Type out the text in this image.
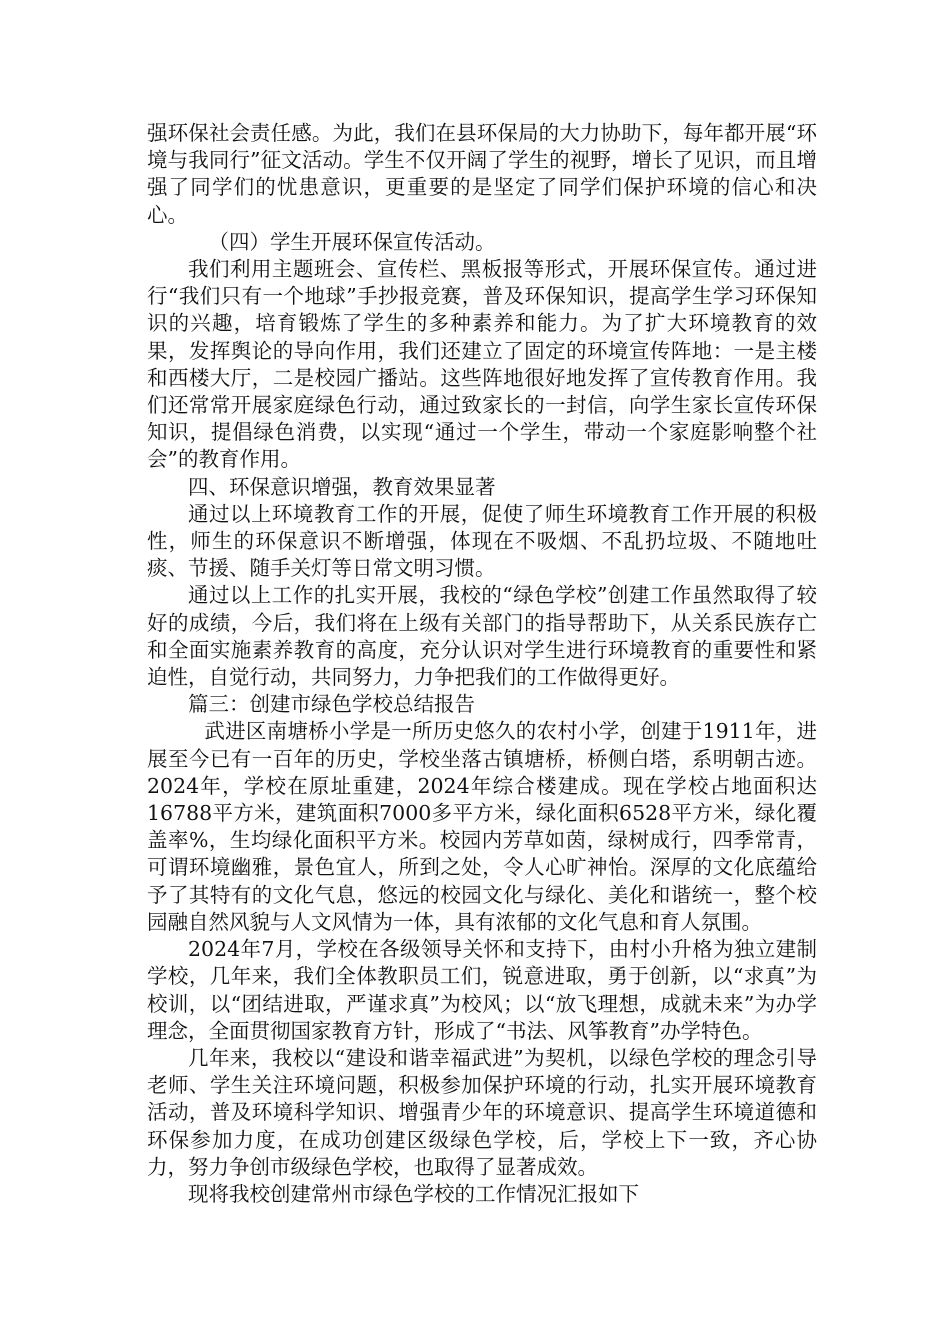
强环保社会责任感。为此，我们在县环保局的大力协助下，每年都开展“环境与我同行”征文活动。学生不仅开阔了学生的视野，增长了见识，而且增强了同学们的忧患意识，更重要的是坚定了同学们保护环境的信心和决心。

（四）学生开展环保宣传活动。

我们利用主题班会、宣传栏、黑板报等形式，开展环保宣传。通过进行“我们只有一个地球”手抄报竞赛，普及环保知识，提高学生学习环保知识的兴趣，培育锻炼了学生的多种素养和能力。为了扩大环境教育的效果，发挥舆论的导向作用，我们还建立了固定的环境宣传阵地：一是主楼和西楼大厅，二是校园广播站。这些阵地很好地发挥了宣传教育作用。我们还常常开展家庭绿色行动，通过致家长的一封信，向学生家长宣传环保知识，提倡绿色消费，以实现“通过一个学生，带动一个家庭影响整个社会”的教育作用。

四、环保意识增强，教育效果显著

通过以上环境教育工作的开展，促使了师生环境教育工作开展的积极性，师生的环保意识不断增强，体现在不吸烟、不乱扔垃圾、不随地吐痰、节援、随手关灯等日常文明习惯。

通过以上工作的扎实开展，我校的“绿色学校”创建工作虽然取得了较好的成绩，今后，我们将在上级有关部门的指导帮助下，从关系民族存亡和全面实施素养教育的高度，充分认识对学生进行环境教育的重要性和紧迫性，自觉行动，共同努力，力争把我们的工作做得更好。

篇三：创建市绿色学校总结报告

武进区南塘桥小学是一所历史悠久的农村小学，创建于1911年，进展至今已有一百年的历史，学校坐落古镇塘桥，桥侧白塔，系明朝古迹。2024年，学校在原址重建，2024年综合楼建成。现在学校占地面积达16788平方米，建筑面积7000多平方米，绿化面积6528平方米，绿化覆盖率%，生均绿化面积平方米。校园内芳草如茵，绿树成行，四季常青，可谓环境幽雅，景色宜人，所到之处，令人心旷神怡。深厚的文化底蕴给予了其特有的文化气息，悠远的校园文化与绿化、美化和谐统一，整个校园融自然风貌与人文风情为一体，具有浓郁的文化气息和育人氛围。

2024年7月，学校在各级领导关怀和支持下，由村小升格为独立建制学校，几年来，我们全体教职员工们，锐意进取，勇于创新，以“求真”为校训，以“团结进取，严谨求真”为校风；以“放飞理想，成就未来”为办学理念，全面贯彻国家教育方针，形成了“书法、风筝教育”办学特色。

几年来，我校以“建设和谐幸福武进”为契机，以绿色学校的理念引导老师、学生关注环境问题，积极参加保护环境的行动，扎实开展环境教育活动，普及环境科学知识、增强青少年的环境意识、提高学生环境道德和环保参加力度，在成功创建区级绿色学校，后，学校上下一致，齐心协力，努力争创市级绿色学校，也取得了显著成效。

现将我校创建常州市绿色学校的工作情况汇报如下
